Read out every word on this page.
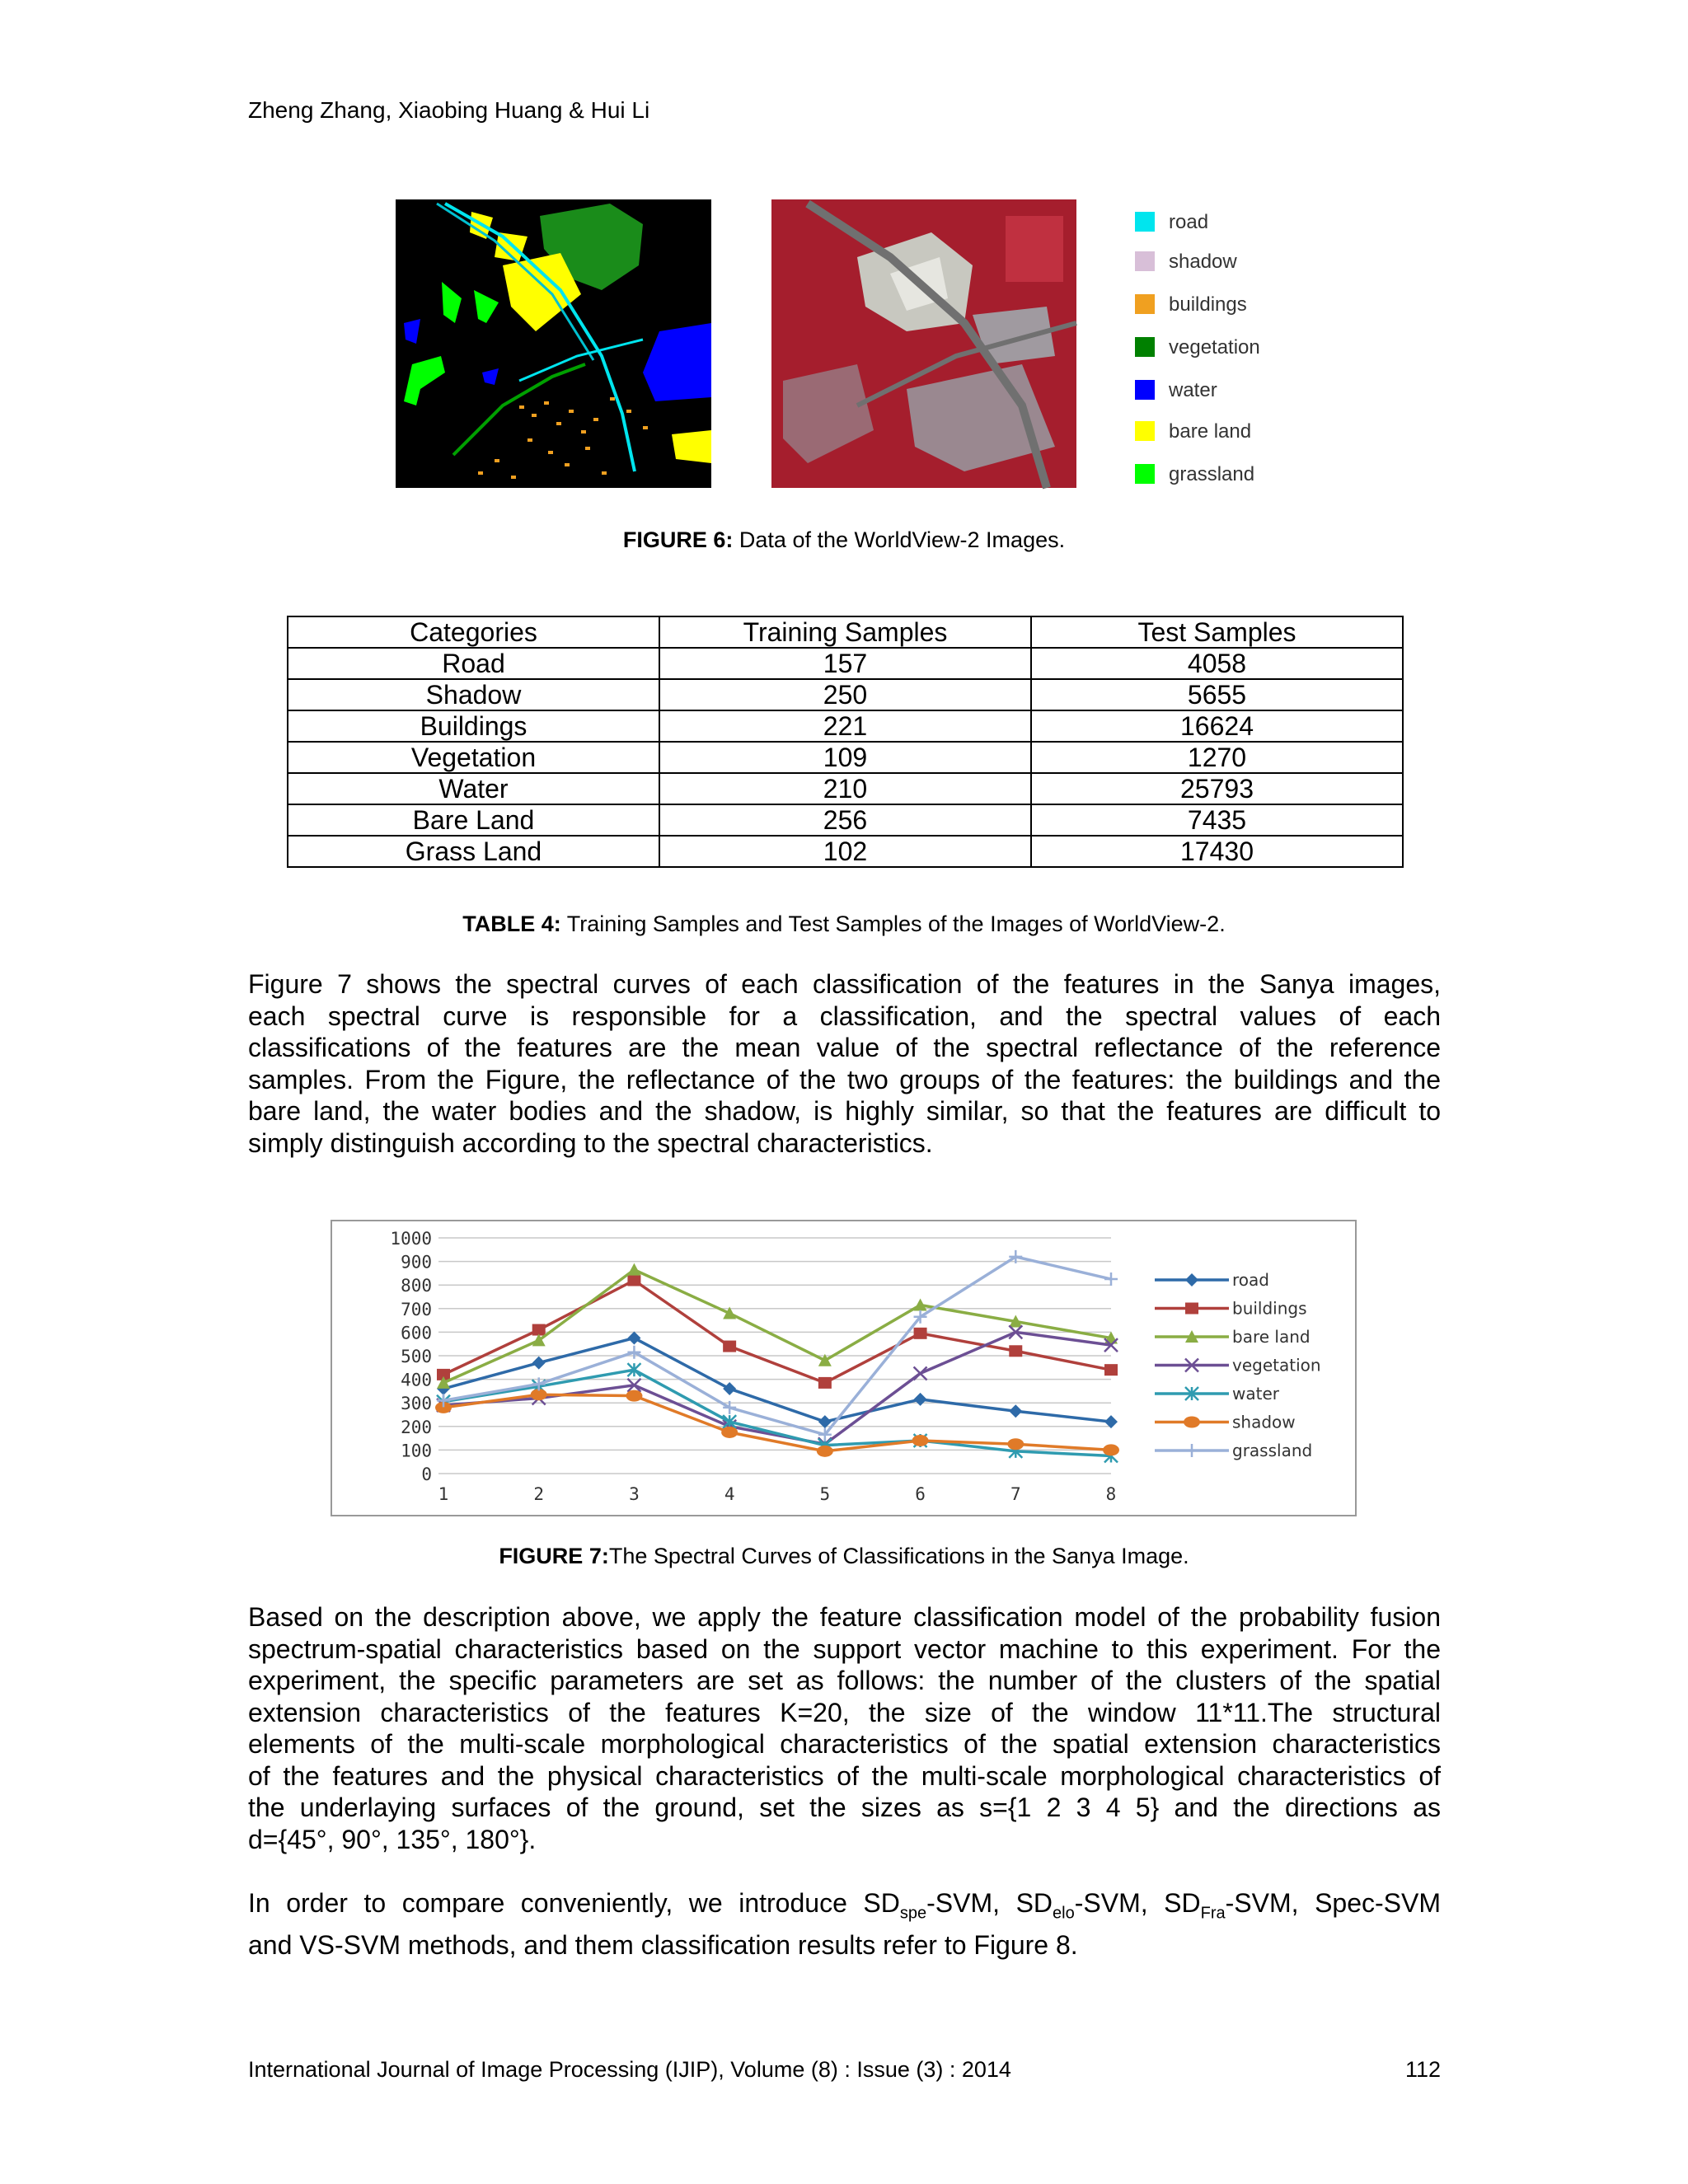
Zheng Zhang, Xiaobing Huang & Hui Li
road
shadow
buildings
vegetation
water
bare land
grassland
FIGURE 6: Data of the WorldView-2 Images.
Categories	Training Samples	Test Samples
Road	157	4058
Shadow	250	5655
Buildings	221	16624
Vegetation	109	1270
Water	210	25793
Bare Land	256	7435
Grass Land	102	17430
TABLE 4: Training Samples and Test Samples of the Images of WorldView-2.
Figure 7 shows the spectral curves of each classification of the features in the Sanya images,
each spectral curve is responsible for a classification, and the spectral values of each
classifications of the features are the mean value of the spectral reflectance of the reference
samples. From the Figure, the reflectance of the two groups of the features: the buildings and the
bare land, the water bodies and the shadow, is highly similar, so that the features are difficult to
simply distinguish according to the spectral characteristics.
0
100
200
300
400
500
600
700
800
900
1000
1	2	3	4	5	6	7	8
road
buildings
bare land
vegetation
water
shadow
grassland
FIGURE 7:The Spectral Curves of Classifications in the Sanya Image.
Based on the description above, we apply the feature classification model of the probability fusion
spectrum-spatial characteristics based on the support vector machine to this experiment. For the
experiment, the specific parameters are set as follows: the number of the clusters of the spatial
extension characteristics of the features K=20, the size of the window 11*11.The structural
elements of the multi-scale morphological characteristics of the spatial extension characteristics
of the features and the physical characteristics of the multi-scale morphological characteristics of
the underlaying surfaces of the ground, set the sizes as s={1 2 3 4 5} and the directions as
d={45°, 90°, 135°, 180°}.
In order to compare conveniently, we introduce $SD_{spe}$-SVM, $SD_{elo}$-SVM, $SD_{Fra}$-SVM, Spec-SVM
and VS-SVM methods, and them classification results refer to Figure 8.
International Journal of Image Processing (IJIP), Volume (8) : Issue (3) : 2014	112
